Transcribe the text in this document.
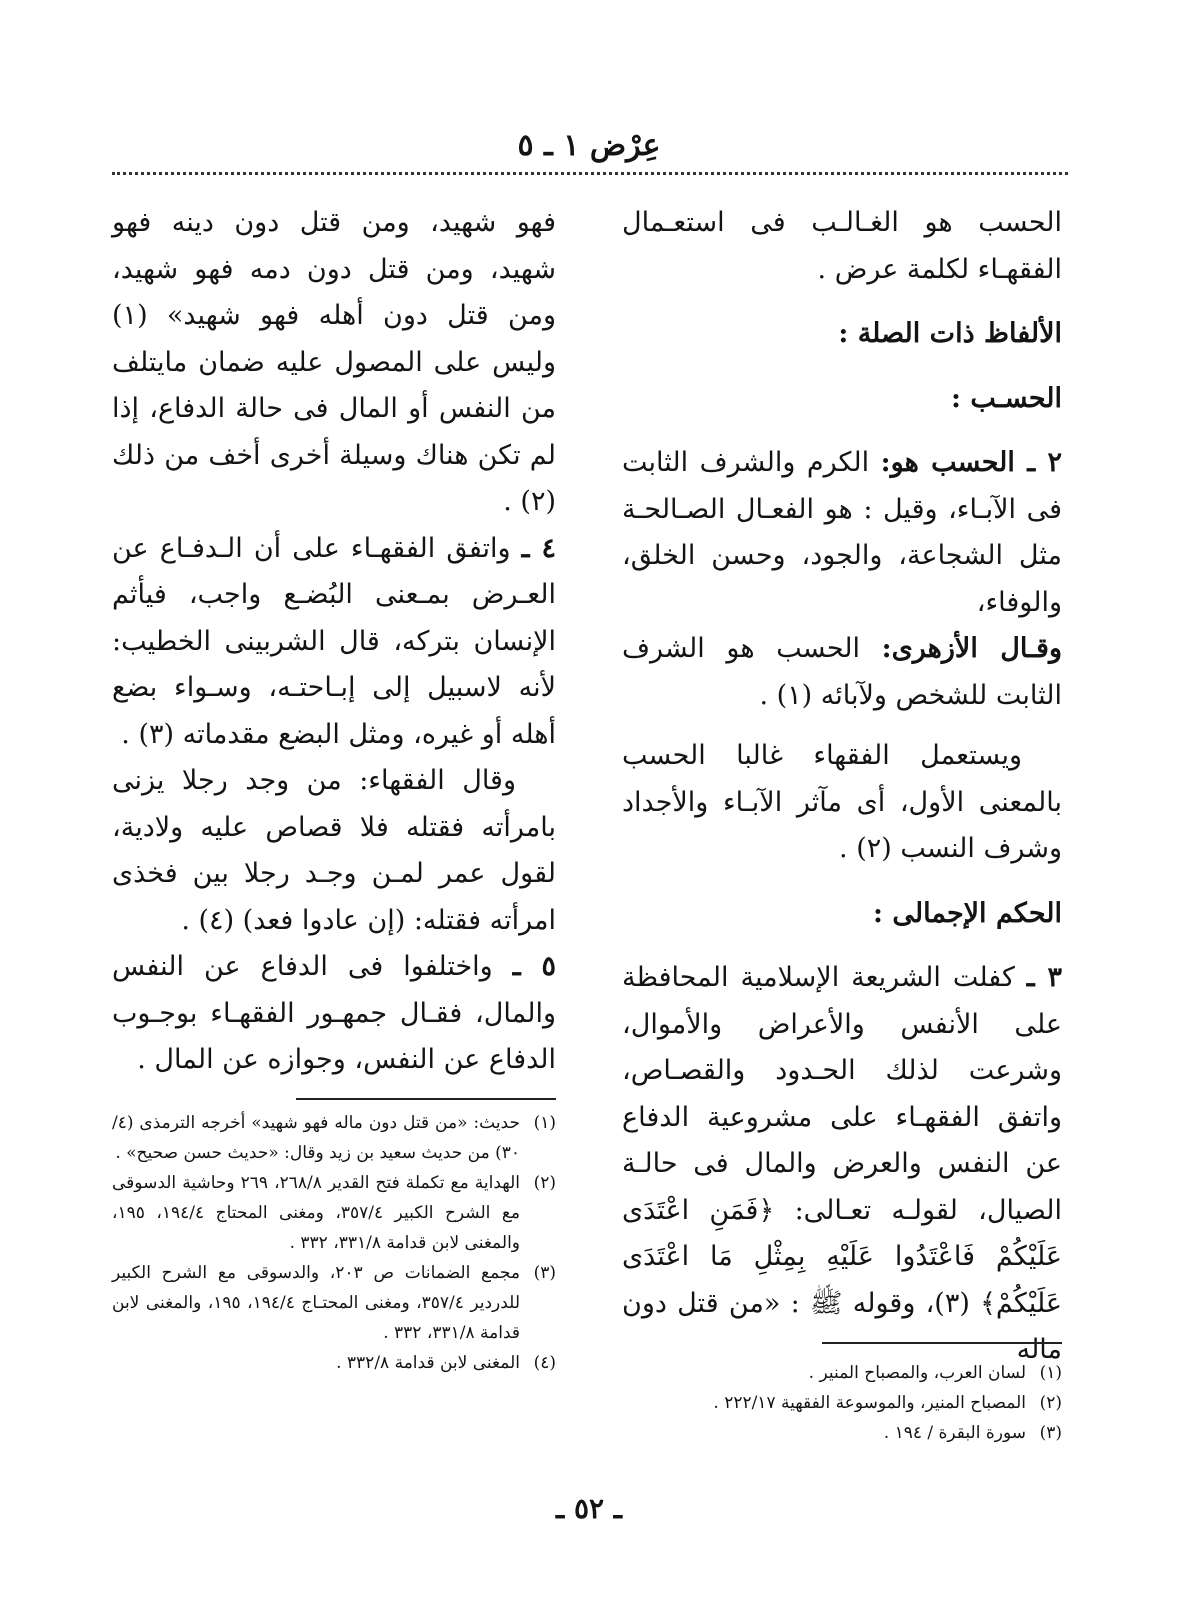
عِرْض ١ ـ ٥

الحسب هو الغـالـب فى استعـمال الفقهـاء لكلمة عرض .

الألفاظ ذات الصلة :

الحسـب :

٢ ـ الحسب هو: الكرم والشرف الثابت فى الآبـاء، وقيل : هو الفعـال الصـالحـة مثل الشجاعة، والجود، وحسن الخلق، والوفاء،

وقـال الأزهرى: الحسب هو الشرف الثابت للشخص ولآبائه (١) .

ويستعمل الفقهاء غالبا الحسب بالمعنى الأول، أى مآثر الآبـاء والأجداد وشرف النسب (٢) .

الحكم الإجمالى :

٣ ـ كفلت الشريعة الإسلامية المحافظة على الأنفس والأعراض والأموال، وشرعت لذلك الحـدود والقصـاص، واتفق الفقهـاء على مشروعية الدفاع عن النفس والعرض والمال فى حالـة الصيال، لقولـه تعـالى: ﴿فَمَنِ اعْتَدَى عَلَيْكُمْ فَاعْتَدُوا عَلَيْهِ بِمِثْلِ مَا اعْتَدَى عَلَيْكُمْ﴾ (٣)، وقوله ﷺ : «من قتل دون ماله

فهو شهيد، ومن قتل دون دينه فهو شهيد، ومن قتل دون دمه فهو شهيد، ومن قتل دون أهله فهو شهيد» (١) وليس على المصول عليه ضمان مايتلف من النفس أو المال فى حالة الدفاع، إذا لم تكن هناك وسيلة أخرى أخف من ذلك (٢) .

٤ ـ واتفق الفقهـاء على أن الـدفـاع عن العـرض بمـعنى البُضـع واجب، فيأثم الإنسان بتركه، قال الشربينى الخطيب: لأنه لاسبيل إلى إبـاحتـه، وسـواء بضع أهله أو غيره، ومثل البضع مقدماته (٣) .

وقال الفقهاء: من وجد رجلا يزنى بامرأته فقتله فلا قصاص عليه ولادية، لقول عمر لمـن وجـد رجلا بين فخذى امرأته فقتله: (إن عادوا فعد) (٤) .

٥ ـ واختلفوا فى الدفاع عن النفس والمال، فقـال جمهـور الفقهـاء بوجـوب الدفاع عن النفس، وجوازه عن المال .

(١)
حديث: «من قتل دون ماله فهو شهيد» أخرجه الترمذى (٤/ ٣٠) من حديث سعيد بن زيد وقال: «حديث حسن صحيح» .

(٢)
الهداية مع تكملة فتح القدير ٢٦٨/٨، ٢٦٩ وحاشية الدسوقى مع الشرح الكبير ٣٥٧/٤، ومغنى المحتاج ١٩٤/٤، ١٩٥، والمغنى لابن قدامة ٣٣١/٨، ٣٣٢ .

(٣)
مجمع الضمانات ص ٢٠٣، والدسوقى مع الشرح الكبير للدردير ٣٥٧/٤، ومغنى المحتـاج ١٩٤/٤، ١٩٥، والمغنى لابن قدامة ٣٣١/٨، ٣٣٢ .

(٤)
المغنى لابن قدامة ٣٣٢/٨ .	(١)
لسان العرب، والمصباح المنير .

(٢)
المصباح المنير، والموسوعة الفقهية ٢٢٢/١٧ .

(٣)
سورة البقرة / ١٩٤ .

ـ ٥٢ ـ
